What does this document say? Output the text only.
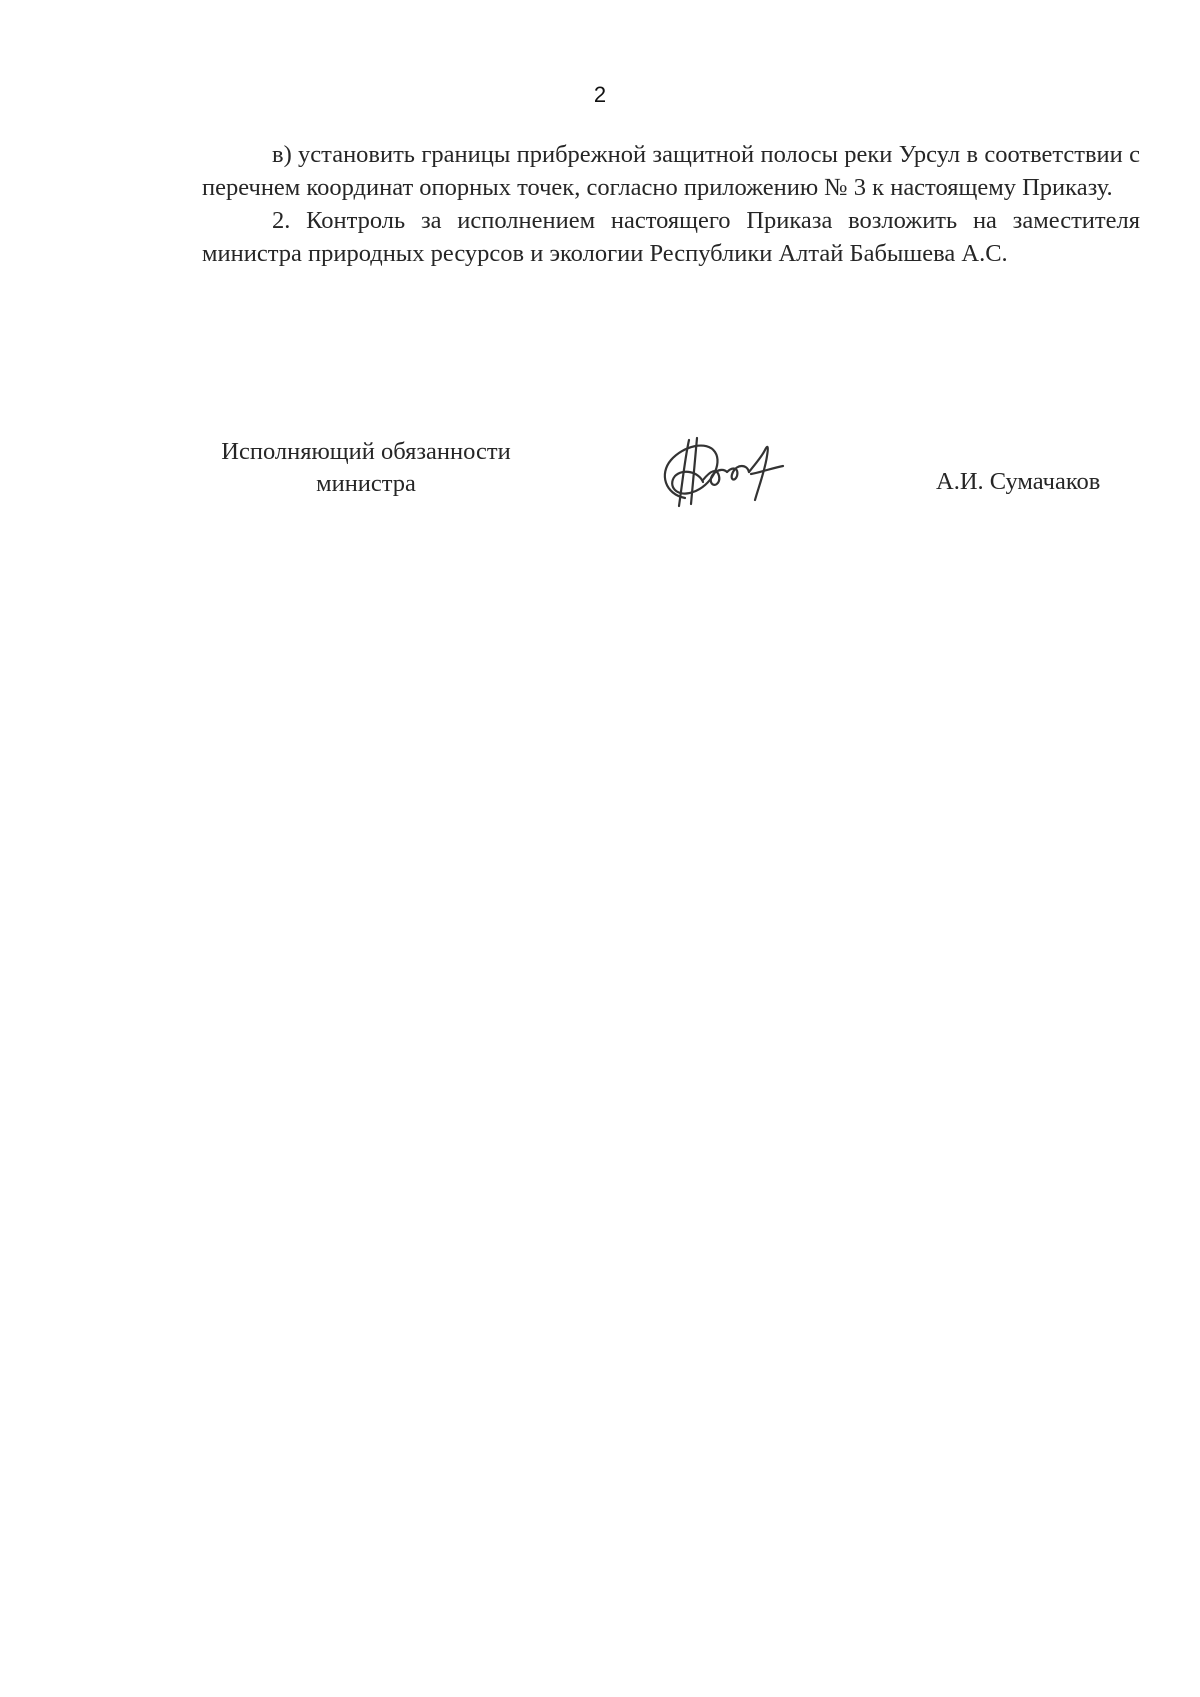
2

в) установить границы прибрежной защитной полосы реки Урсул в соответствии с перечнем координат опорных точек, согласно приложению № 3 к настоящему Приказу.

2. Контроль за исполнением настоящего Приказа возложить на заместителя министра природных ресурсов и экологии Республики Алтай Бабышева А.С.

Исполняющий обязанности
министра	А.И. Сумачаков
